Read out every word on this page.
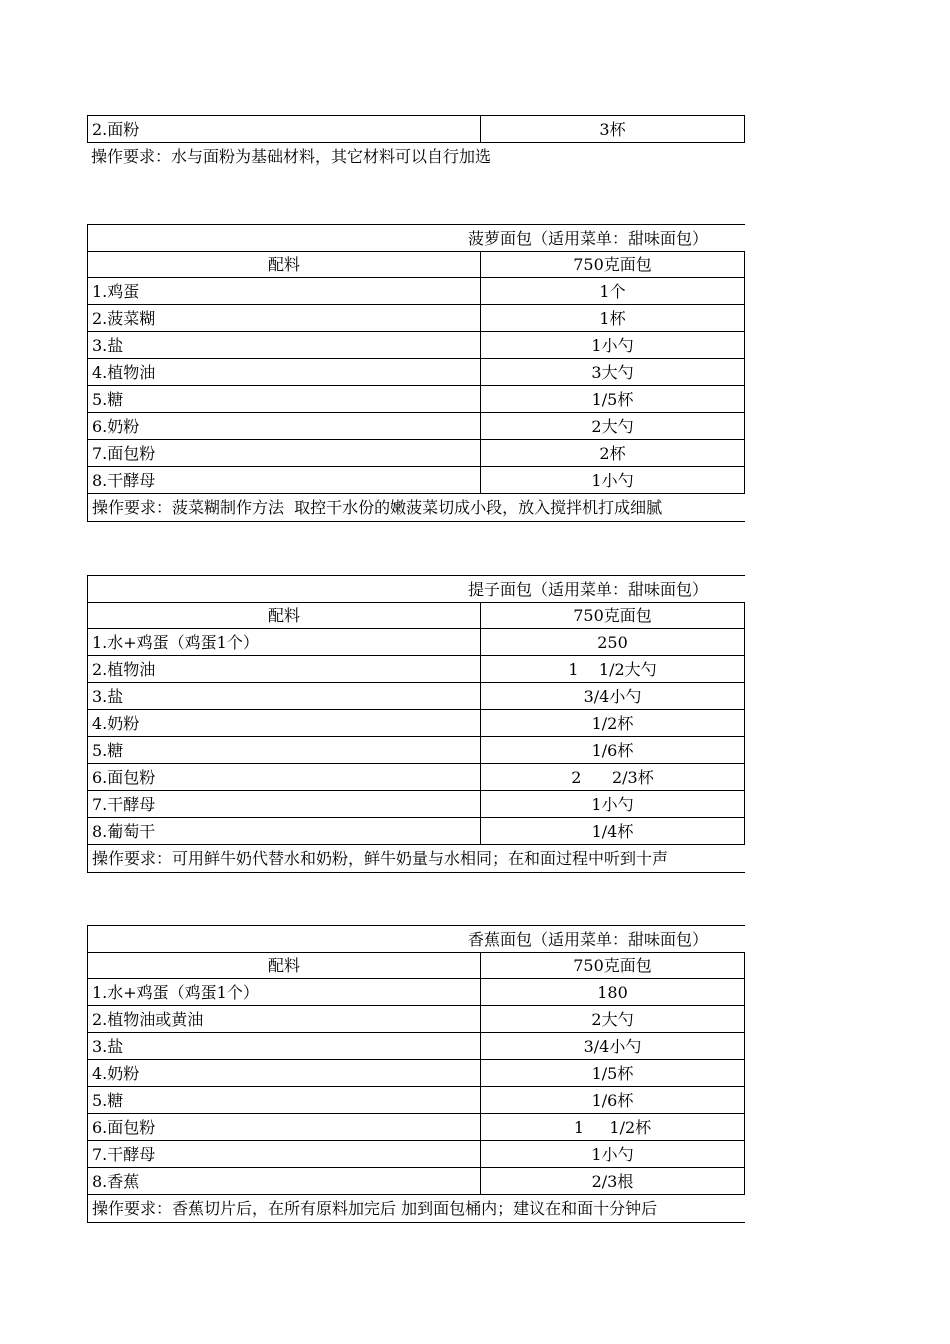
2.面粉	3杯
操作要求：水与面粉为基础材料，其它材料可以自行加选
菠萝面包（适用菜单：甜味面包）
配料	750克面包
1.鸡蛋	1个
2.菠菜糊	1杯
3.盐	1小勺
4.植物油	3大勺
5.糖	1/5杯
6.奶粉	2大勺
7.面包粉	2杯
8.干酵母	1小勺
操作要求：菠菜糊制作方法  取控干水份的嫩菠菜切成小段，放入搅拌机打成细腻
提子面包（适用菜单：甜味面包）
配料	750克面包
1.水+鸡蛋（鸡蛋1个）	250
2.植物油	1    1/2大勺
3.盐	3/4小勺
4.奶粉	1/2杯
5.糖	1/6杯
6.面包粉	2      2/3杯
7.干酵母	1小勺
8.葡萄干	1/4杯
操作要求：可用鲜牛奶代替水和奶粉，鲜牛奶量与水相同；在和面过程中听到十声
香蕉面包（适用菜单：甜味面包）
配料	750克面包
1.水+鸡蛋（鸡蛋1个）	180
2.植物油或黄油	2大勺
3.盐	3/4小勺
4.奶粉	1/5杯
5.糖	1/6杯
6.面包粉	1     1/2杯
7.干酵母	1小勺
8.香蕉	2/3根
操作要求：香蕉切片后，在所有原料加完后 加到面包桶内；建议在和面十分钟后
